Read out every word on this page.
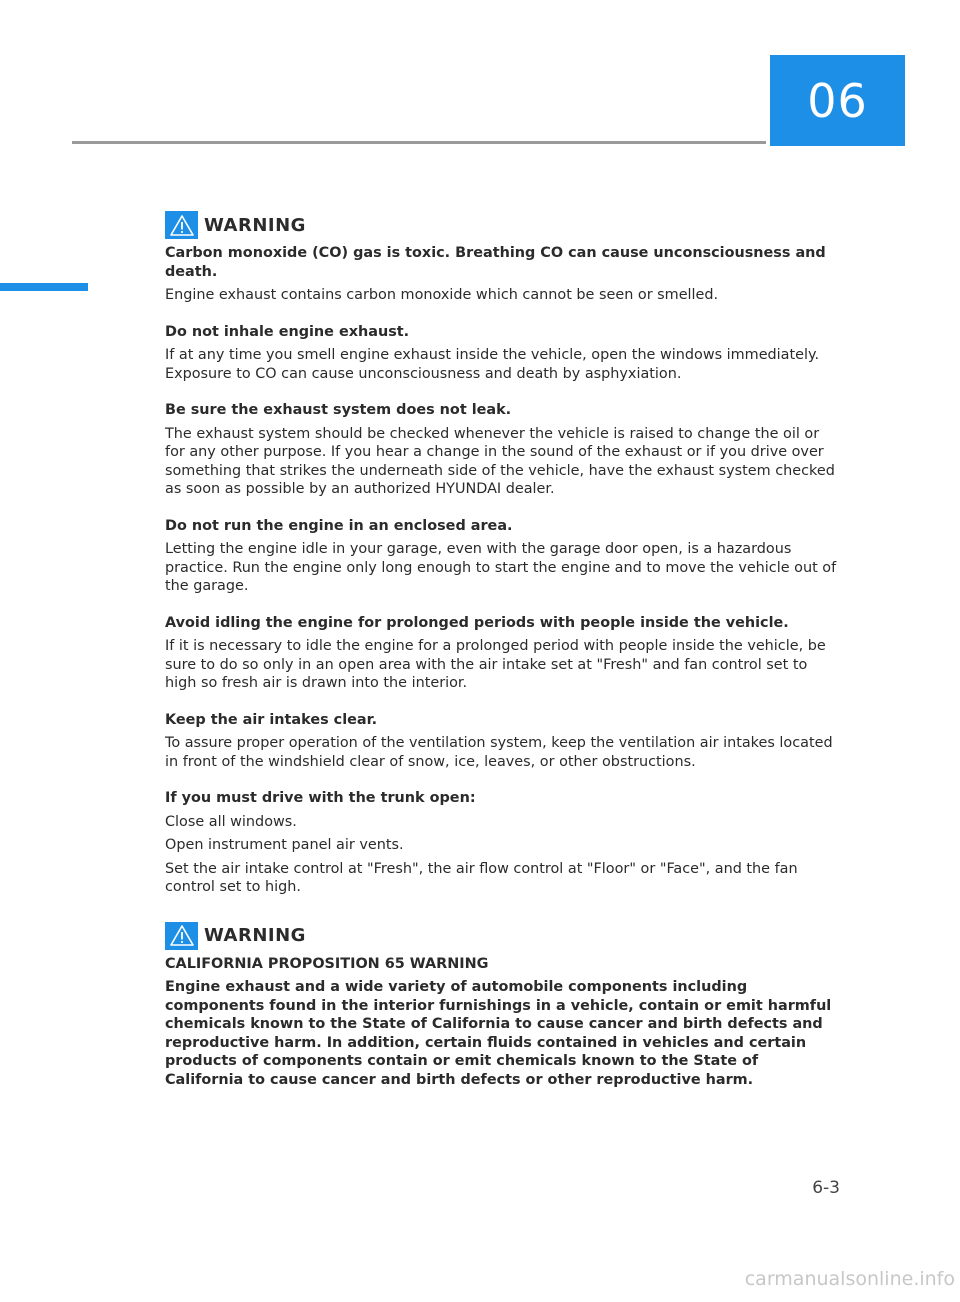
06
WARNING

Carbon monoxide (CO) gas is toxic. Breathing CO can cause unconsciousness and death.

Engine exhaust contains carbon monoxide which cannot be seen or smelled.

Do not inhale engine exhaust.

If at any time you smell engine exhaust inside the vehicle, open the windows immediately. Exposure to CO can cause unconsciousness and death by asphyxiation.

Be sure the exhaust system does not leak.

The exhaust system should be checked whenever the vehicle is raised to change the oil or for any other purpose. If you hear a change in the sound of the exhaust or if you drive over something that strikes the underneath side of the vehicle, have the exhaust system checked as soon as possible by an authorized HYUNDAI dealer.

Do not run the engine in an enclosed area.

Letting the engine idle in your garage, even with the garage door open, is a hazardous practice. Run the engine only long enough to start the engine and to move the vehicle out of the garage.

Avoid idling the engine for prolonged periods with people inside the vehicle.

If it is necessary to idle the engine for a prolonged period with people inside the vehicle, be sure to do so only in an open area with the air intake set at "Fresh" and fan control set to high so fresh air is drawn into the interior.

Keep the air intakes clear.

To assure proper operation of the ventilation system, keep the ventilation air intakes located in front of the windshield clear of snow, ice, leaves, or other obstructions.

If you must drive with the trunk open:

Close all windows.

Open instrument panel air vents.

Set the air intake control at "Fresh", the air flow control at "Floor" or "Face", and the fan control set to high.

WARNING

CALIFORNIA PROPOSITION 65 WARNING

Engine exhaust and a wide variety of automobile components including components found in the interior furnishings in a vehicle, contain or emit harmful chemicals known to the State of California to cause cancer and birth defects and reproductive harm. In addition, certain fluids contained in vehicles and certain products of components contain or emit chemicals known to the State of California to cause cancer and birth defects or other reproductive harm.

6-3
carmanualsonline.info
